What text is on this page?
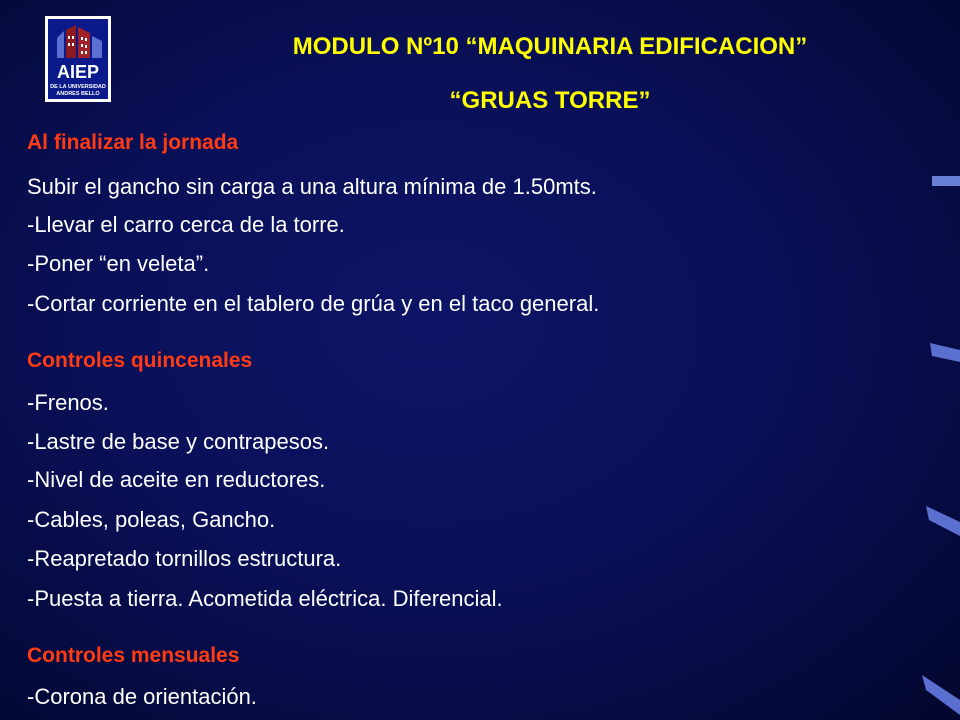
AIEP
DE LA UNIVERSIDAD
ANDRES BELLO
MODULO Nº10 “MAQUINARIA EDIFICACION”
“GRUAS TORRE”
Al finalizar la jornada
Subir el gancho sin carga a una altura mínima de 1.50mts.
-Llevar el carro cerca de la torre.
-Poner “en veleta”.
-Cortar corriente en el tablero de grúa y en el taco general.
Controles quincenales
-Frenos.
-Lastre de base y contrapesos.
-Nivel de aceite en reductores.
-Cables, poleas, Gancho.
-Reapretado tornillos estructura.
-Puesta a tierra. Acometida eléctrica. Diferencial.
Controles mensuales
-Corona de orientación.
